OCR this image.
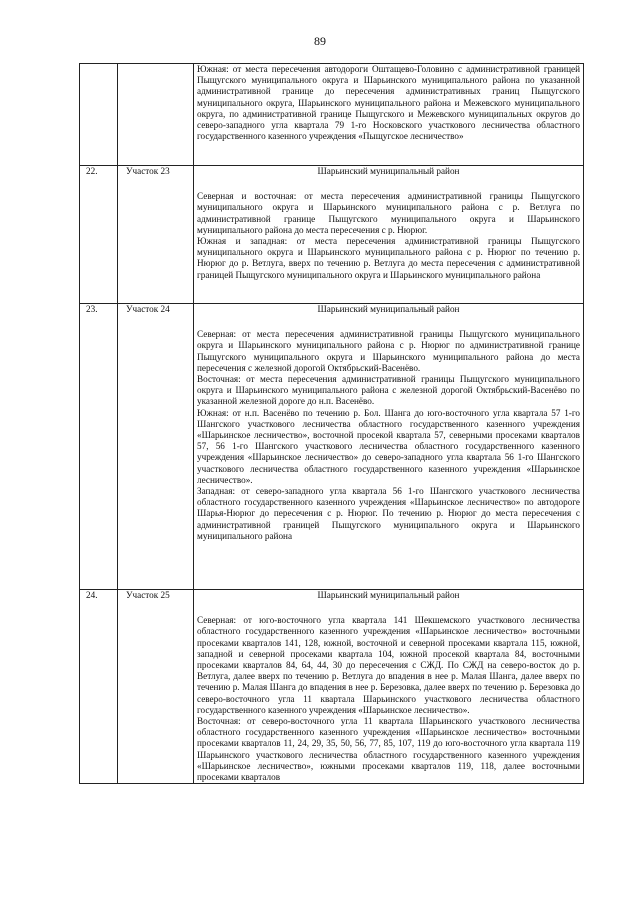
89

		Южная: от места пересечения автодороги Оштащево-Головино с административной границей Пыщугского муниципального округа и Шарьинского муниципального района по указанной административной границе до пересечения административных границ Пыщугского муниципального округа, Шарьинского муниципального района и Межевского муниципального округа, по административной границе Пыщугского и Межевского муниципальных округов до северо-западного угла квартала 79 1-го Носковского участкового лесничества областного государственного казенного учреждения «Пыщугское лесничество»

22.	Участок 23	Шарьинский муниципальный район

Северная и восточная: от места пересечения административной границы Пыщугского муниципального округа и Шарьинского муниципального района с р. Ветлуга по административной границе Пыщугского муниципального округа и Шарьинского муниципального района до места пересечения с р. Нюрюг.

Южная и западная: от места пересечения административной границы Пыщугского муниципального округа и Шарьинского муниципального района с р. Нюрюг по течению р. Нюрюг до р. Ветлуга, вверх по течению р. Ветлуга до места пересечения с административной границей Пыщугского муниципального округа и Шарьинского муниципального района

23.	Участок 24	Шарьинский муниципальный район

Северная: от места пересечения административной границы Пыщугского муниципального округа и Шарьинского муниципального района с р. Нюрюг по административной границе Пыщугского муниципального округа и Шарьинского муниципального района до места пересечения с железной дорогой Октябрьский-Васенёво.

Восточная: от места пересечения административной границы Пыщугского муниципального округа и Шарьинского муниципального района с железной дорогой Октябрьский-Васенёво по указанной железной дороге до н.п. Васенёво.

Южная: от н.п. Васенёво по течению р. Бол. Шанга до юго-восточного угла квартала 57 1-го Шангского участкового лесничества областного государственного казенного учреждения «Шарьинское лесничество», восточной просекой квартала 57, северными просеками кварталов 57, 56 1-го Шангского участкового лесничества областного государственного казенного учреждения «Шарьинское лесничество» до северо-западного угла квартала 56 1-го Шангского участкового лесничества областного государственного казенного учреждения «Шарьинское лесничество».

Западная: от северо-западного угла квартала 56 1-го Шангского участкового лесничества областного государственного казенного учреждения «Шарьинское лесничество» по автодороге Шарья-Нюрюг до пересечения с р. Нюрюг. По течению р. Нюрюг до места пересечения с административной границей Пыщугского муниципального округа и Шарьинского муниципального района

24.	Участок 25	Шарьинский муниципальный район

Северная: от юго-восточного угла квартала 141 Шекшемского участкового лесничества областного государственного казенного учреждения «Шарьинское лесничество» восточными просеками кварталов 141, 128, южной, восточной и северной просеками квартала 115, южной, западной и северной просеками квартала 104, южной просекой квартала 84, восточными просеками кварталов 84, 64, 44, 30 до пересечения с СЖД. По СЖД на северо-восток до р. Ветлуга, далее вверх по течению р. Ветлуга до впадения в нее р. Малая Шанга, далее вверх по течению р. Малая Шанга до впадения в нее р. Березовка, далее вверх по течению р. Березовка до северо-восточного угла 11 квартала Шарьинского участкового лесничества областного государственного казенного учреждения «Шарьинское лесничество».

Восточная: от северо-восточного угла 11 квартала Шарьинского участкового лесничества областного государственного казенного учреждения «Шарьинское лесничество» восточными просеками кварталов 11, 24, 29, 35, 50, 56, 77, 85, 107, 119 до юго-восточного угла квартала 119 Шарьинского участкового лесничества областного государственного казенного учреждения «Шарьинское лесничество», южными просеками кварталов 119, 118, далее восточными просеками кварталов
